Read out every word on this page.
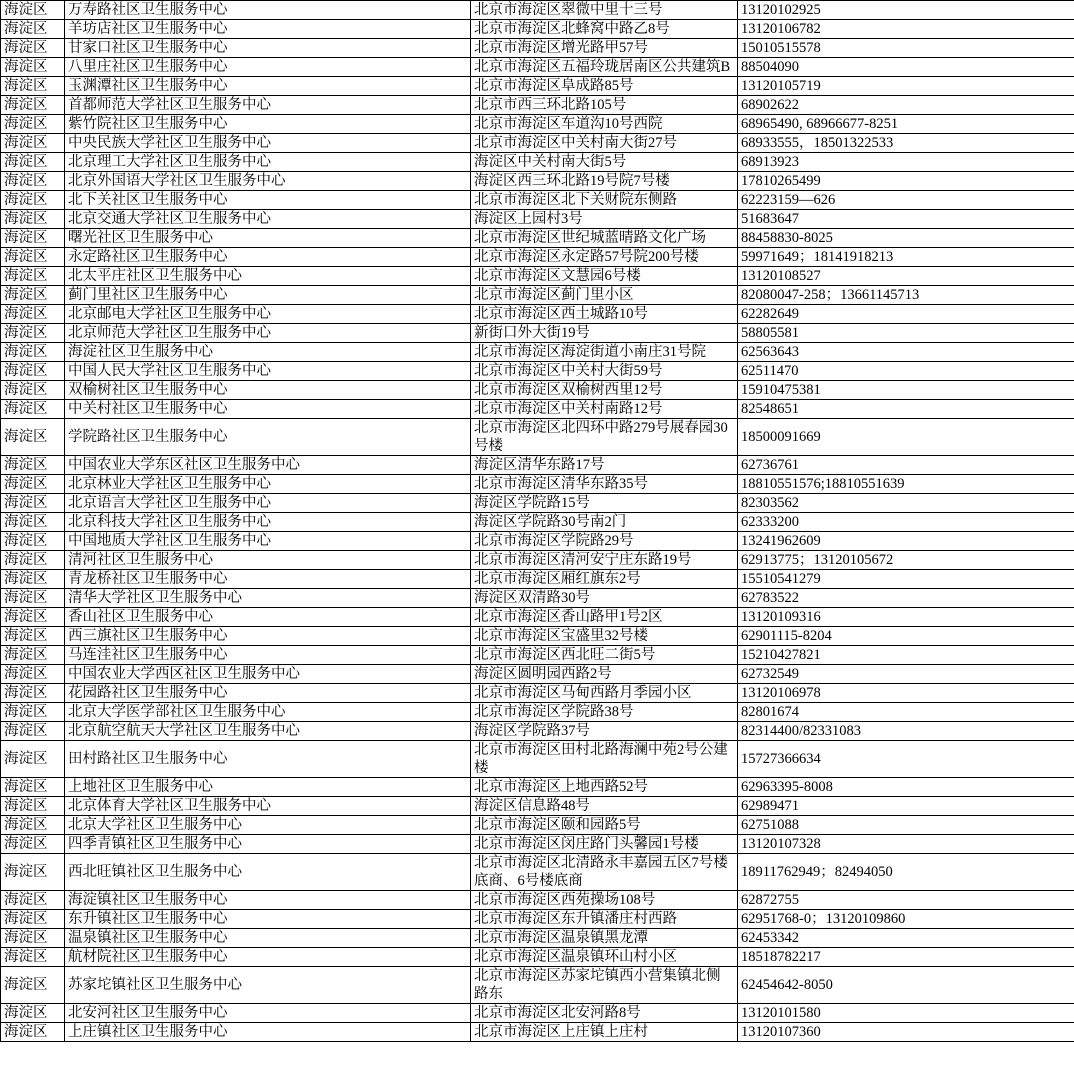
海淀区	万寿路社区卫生服务中心	北京市海淀区翠微中里十三号	13120102925
海淀区	羊坊店社区卫生服务中心	北京市海淀区北蜂窝中路乙8号	13120106782
海淀区	甘家口社区卫生服务中心	北京市海淀区增光路甲57号	15010515578
海淀区	八里庄社区卫生服务中心	北京市海淀区五福玲珑居南区公共建筑B	88504090
海淀区	玉渊潭社区卫生服务中心	北京市海淀区阜成路85号	13120105719
海淀区	首都师范大学社区卫生服务中心	北京市西三环北路105号	68902622
海淀区	紫竹院社区卫生服务中心	北京市海淀区车道沟10号西院	68965490, 68966677-8251
海淀区	中央民族大学社区卫生服务中心	北京市海淀区中关村南大街27号	68933555，18501322533
海淀区	北京理工大学社区卫生服务中心	海淀区中关村南大街5号	68913923
海淀区	北京外国语大学社区卫生服务中心	海淀区西三环北路19号院7号楼	17810265499
海淀区	北下关社区卫生服务中心	北京市海淀区北下关财院东侧路	62223159—626
海淀区	北京交通大学社区卫生服务中心	海淀区上园村3号	51683647
海淀区	曙光社区卫生服务中心	北京市海淀区世纪城蓝晴路文化广场	88458830-8025
海淀区	永定路社区卫生服务中心	北京市海淀区永定路57号院200号楼	59971649；18141918213
海淀区	北太平庄社区卫生服务中心	北京市海淀区文慧园6号楼	13120108527
海淀区	蓟门里社区卫生服务中心	北京市海淀区蓟门里小区	82080047-258；13661145713
海淀区	北京邮电大学社区卫生服务中心	北京市海淀区西土城路10号	62282649
海淀区	北京师范大学社区卫生服务中心	新街口外大街19号	58805581
海淀区	海淀社区卫生服务中心	北京市海淀区海淀街道小南庄31号院	62563643
海淀区	中国人民大学社区卫生服务中心	北京市海淀区中关村大街59号	62511470
海淀区	双榆树社区卫生服务中心	北京市海淀区双榆树西里12号	15910475381
海淀区	中关村社区卫生服务中心	北京市海淀区中关村南路12号	82548651
海淀区	学院路社区卫生服务中心	北京市海淀区北四环中路279号展春园30号楼	18500091669
海淀区	中国农业大学东区社区卫生服务中心	海淀区清华东路17号	62736761
海淀区	北京林业大学社区卫生服务中心	北京市海淀区清华东路35号	18810551576;18810551639
海淀区	北京语言大学社区卫生服务中心	海淀区学院路15号	82303562
海淀区	北京科技大学社区卫生服务中心	海淀区学院路30号南2门	62333200
海淀区	中国地质大学社区卫生服务中心	北京市海淀区学院路29号	13241962609
海淀区	清河社区卫生服务中心	北京市海淀区清河安宁庄东路19号	62913775；13120105672
海淀区	青龙桥社区卫生服务中心	北京市海淀区厢红旗东2号	15510541279
海淀区	清华大学社区卫生服务中心	海淀区双清路30号	62783522
海淀区	香山社区卫生服务中心	北京市海淀区香山路甲1号2区	13120109316
海淀区	西三旗社区卫生服务中心	北京市海淀区宝盛里32号楼	62901115-8204
海淀区	马连洼社区卫生服务中心	北京市海淀区西北旺二街5号	15210427821
海淀区	中国农业大学西区社区卫生服务中心	海淀区圆明园西路2号	62732549
海淀区	花园路社区卫生服务中心	北京市海淀区马甸西路月季园小区	13120106978
海淀区	北京大学医学部社区卫生服务中心	北京市海淀区学院路38号	82801674
海淀区	北京航空航天大学社区卫生服务中心	海淀区学院路37号	82314400/82331083
海淀区	田村路社区卫生服务中心	北京市海淀区田村北路海澜中苑2号公建楼	15727366634
海淀区	上地社区卫生服务中心	北京市海淀区上地西路52号	62963395-8008
海淀区	北京体育大学社区卫生服务中心	海淀区信息路48号	62989471
海淀区	北京大学社区卫生服务中心	北京市海淀区颐和园路5号	62751088
海淀区	四季青镇社区卫生服务中心	北京市海淀区闵庄路门头馨园1号楼	13120107328
海淀区	西北旺镇社区卫生服务中心	北京市海淀区北清路永丰嘉园五区7号楼底商、6号楼底商	18911762949；82494050
海淀区	海淀镇社区卫生服务中心	北京市海淀区西苑操场108号	62872755
海淀区	东升镇社区卫生服务中心	北京市海淀区东升镇潘庄村西路	62951768-0；13120109860
海淀区	温泉镇社区卫生服务中心	北京市海淀区温泉镇黑龙潭	62453342
海淀区	航材院社区卫生服务中心	北京市海淀区温泉镇环山村小区	18518782217
海淀区	苏家坨镇社区卫生服务中心	北京市海淀区苏家坨镇西小营集镇北侧路东	62454642-8050
海淀区	北安河社区卫生服务中心	北京市海淀区北安河路8号	13120101580
海淀区	上庄镇社区卫生服务中心	北京市海淀区上庄镇上庄村	13120107360
